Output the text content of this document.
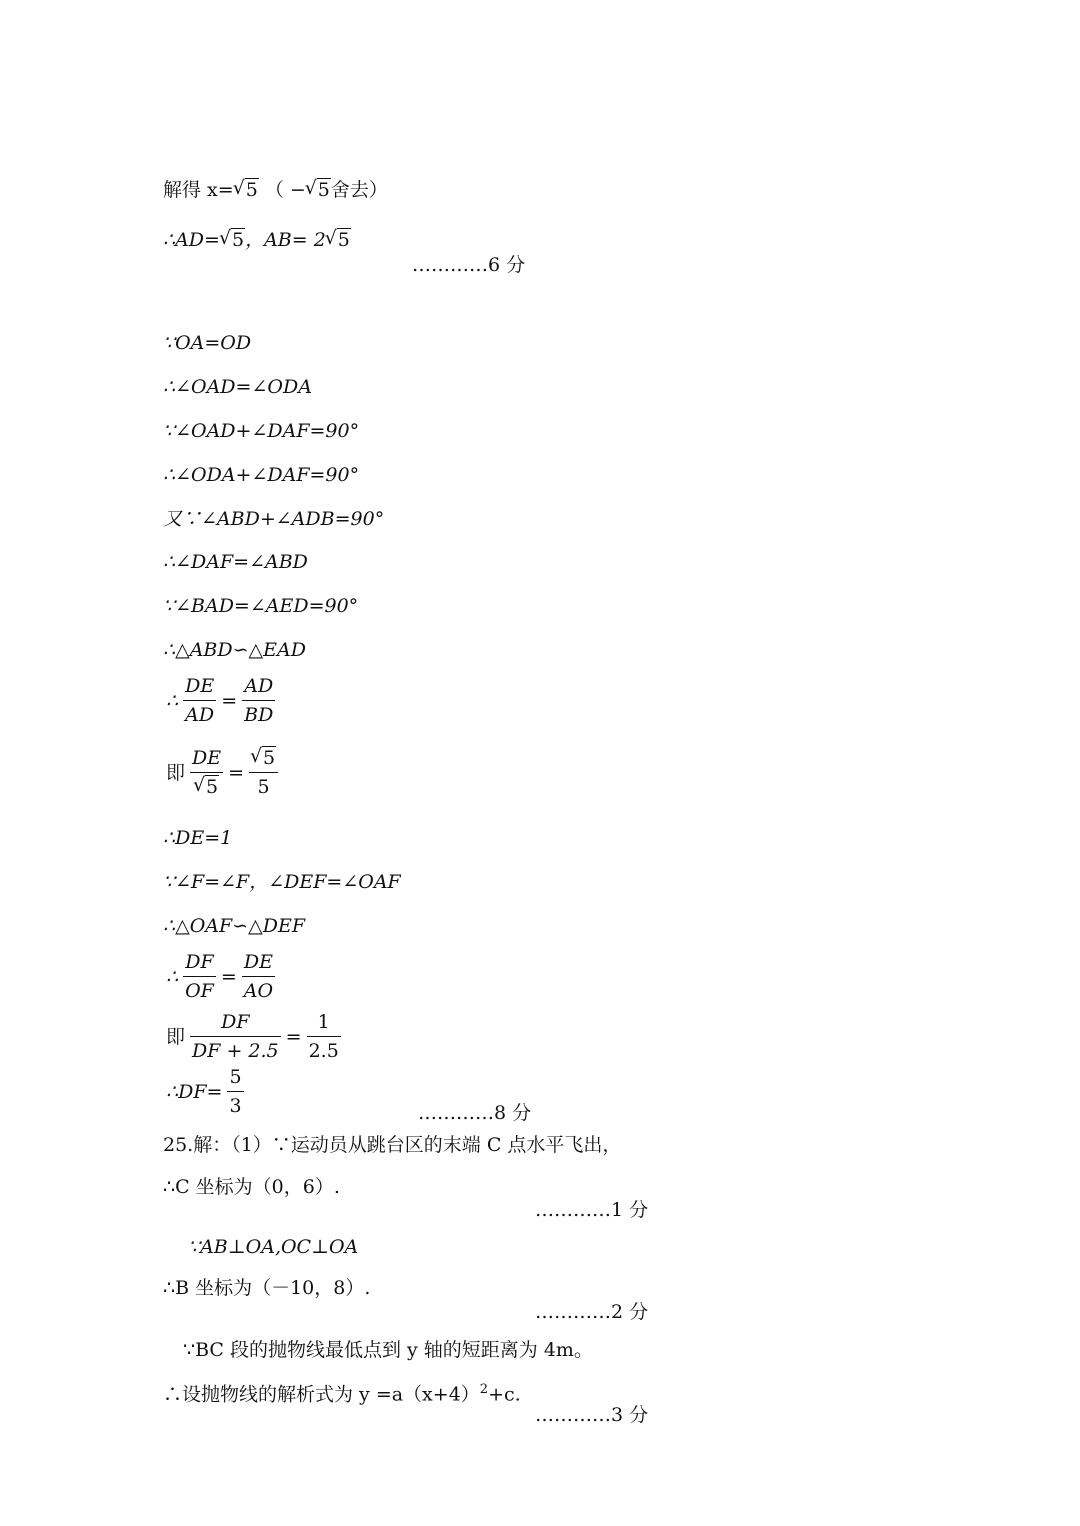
解得 x= √ 5 （ − √ 5舍去）
∴AD= √ 5，AB= 2 √ 5
…………6 分
∵OA=OD
∴∠OAD=∠ODA
∵∠OAD+∠DAF=90°
∴∠ODA+∠DAF=90°
又∵∠ABD+∠ADB=90°
∴∠DAF=∠ABD
∵∠BAD=∠AED=90°
∴△ABD∽△EAD
∴ $\frac{DE}{AD} = \frac{AD}{BD}$
即 DE
√ 5 = √ $\frac{5}{5}$
∴DE=1
∵∠F=∠F，∠DEF=∠OAF
∴△OAF∽△DEF
∴ $\frac{DF}{OF} = \frac{DE}{AO}$
即 $\frac{DF}{DF + 2.5} = \frac{1}{2.5}$
∴DF= $\frac{5}{3}$	…………8 分
25.解：（1）∵运动员从跳台区的末端 C 点水平飞出，
∴C 坐标为（0，6）.
…………1 分
∵AB⊥OA,OC⊥OA
∴B 坐标为（－10，8）.
…………2 分
∵BC 段的抛物线最低点到 y 轴的短距离为 4m。
∴设抛物线的解析式为 $y =a(x+4)^2+c$.
…………3 分
